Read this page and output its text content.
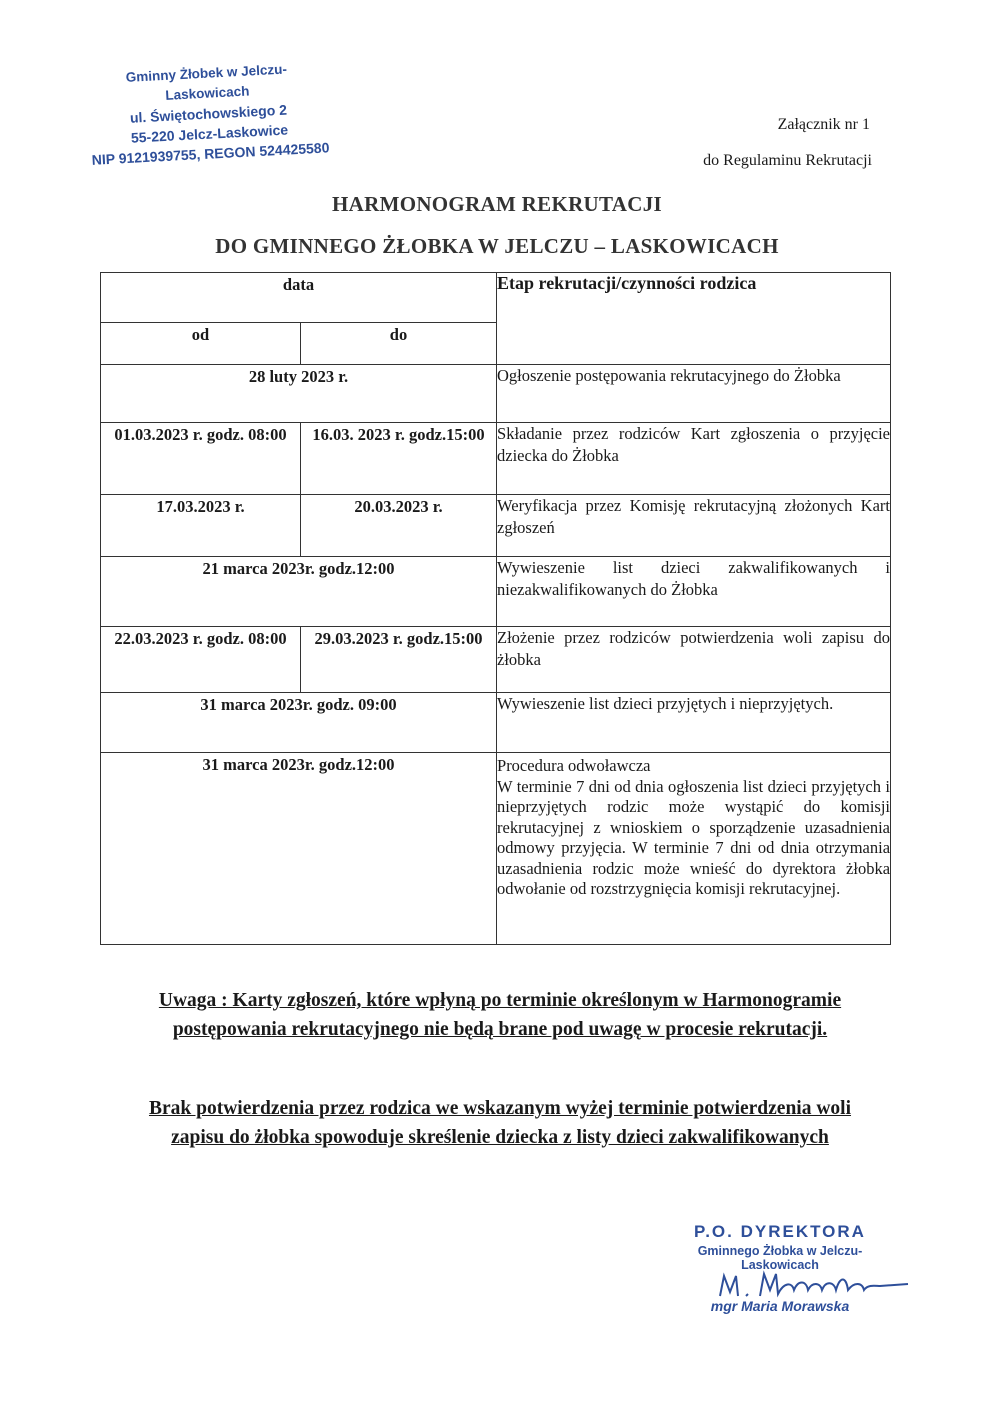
Gminny Żłobek w Jelczu-Laskowicach
ul. Świętochowskiego 2
55-220 Jelcz-Laskowice
NIP 9121939755, REGON 524425580
Załącznik nr 1
do Regulaminu Rekrutacji
HARMONOGRAM REKRUTACJI
DO GMINNEGO ŻŁOBKA W JELCZU – LASKOWICACH
data		Etap rekrutacji/czynności rodzica
od	do	
28 luty 2023 r.		Ogłoszenie postępowania rekrutacyjnego do Żłobka
01.03.2023 r. godz. 08:00	16.03. 2023 r. godz.15:00	Składanie przez rodziców Kart zgłoszenia o przyjęcie dziecka do Żłobka
17.03.2023 r.	20.03.2023 r.	Weryfikacja przez Komisję rekrutacyjną złożonych Kart zgłoszeń
21 marca 2023r. godz.12:00		Wywieszenie list dzieci zakwalifikowanych i niezakwalifikowanych do Żłobka
22.03.2023 r. godz. 08:00	29.03.2023 r. godz.15:00	Złożenie przez rodziców potwierdzenia woli zapisu do żłobka
31 marca 2023r. godz. 09:00		Wywieszenie list dzieci przyjętych i nieprzyjętych.
31 marca 2023r. godz.12:00		Procedura odwoławcza
W terminie 7 dni od dnia ogłoszenia list dzieci przyjętych i nieprzyjętych rodzic może wystąpić do komisji rekrutacyjnej z wnioskiem o sporządzenie uzasadnienia odmowy przyjęcia. W terminie 7 dni od dnia otrzymania uzasadnienia rodzic może wnieść do dyrektora żłobka odwołanie od rozstrzygnięcia komisji rekrutacyjnej.
Uwaga : Karty zgłoszeń, które wpłyną po terminie określonym w Harmonogramie postępowania rekrutacyjnego nie będą brane pod uwagę w procesie rekrutacji.
Brak potwierdzenia przez rodzica we wskazanym wyżej terminie potwierdzenia woli zapisu do żłobka spowoduje skreślenie dziecka z listy dzieci zakwalifikowanych
P.O. DYREKTORA
Gminnego Żłobka w Jelczu-Laskowicach
mgr Maria Morawska
